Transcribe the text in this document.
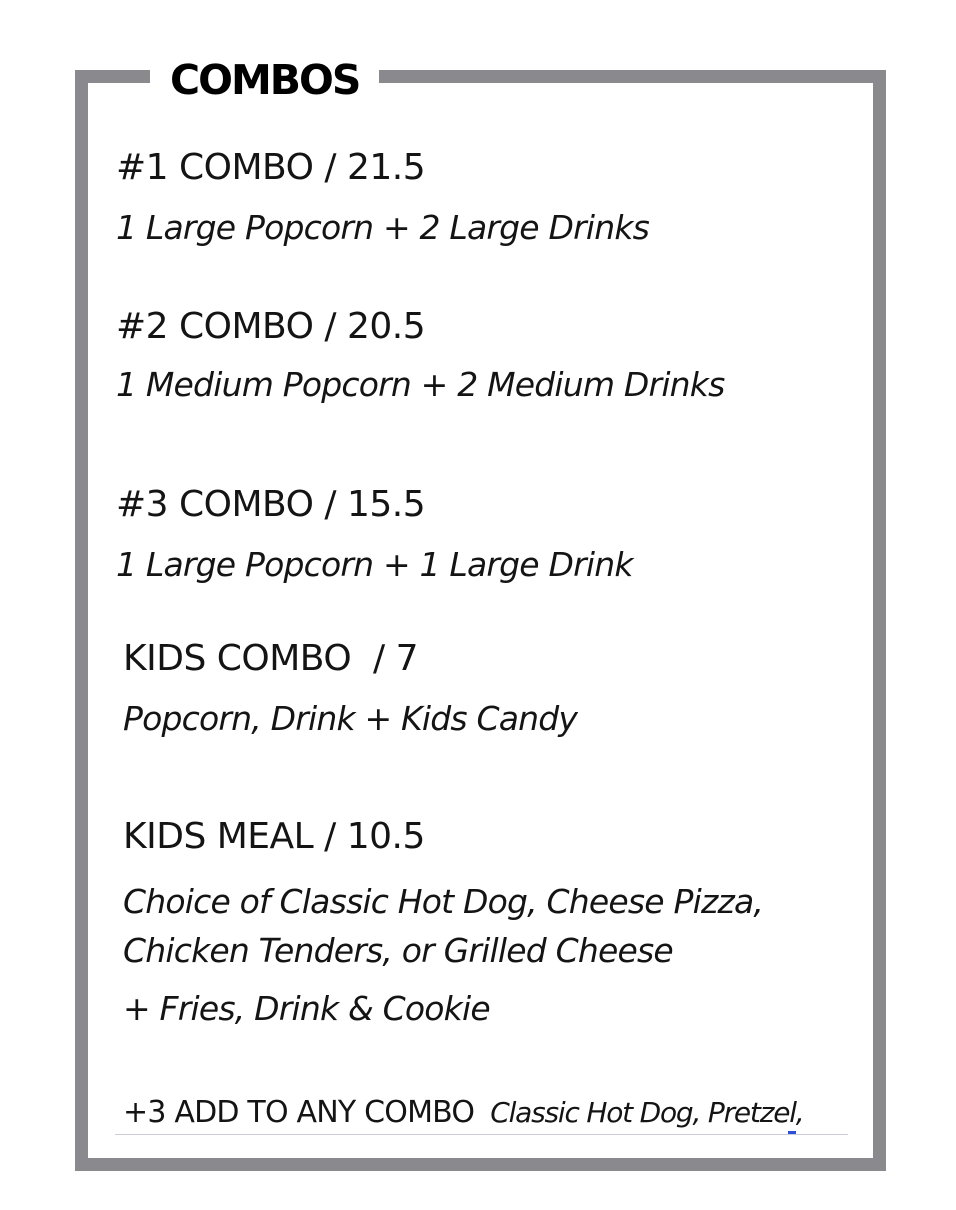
COMBOS
#1 COMBO / 21.5
1 Large Popcorn + 2 Large Drinks
#2 COMBO / 20.5
1 Medium Popcorn + 2 Medium Drinks
#3 COMBO / 15.5
1 Large Popcorn + 1 Large Drink
KIDS COMBO  / 7
Popcorn, Drink + Kids Candy
KIDS MEAL / 10.5
Choice of Classic Hot Dog, Cheese Pizza,
Chicken Tenders, or Grilled Cheese
+ Fries, Drink & Cookie
+3 ADD TO ANY COMBO Classic Hot Dog, Pretzel,
